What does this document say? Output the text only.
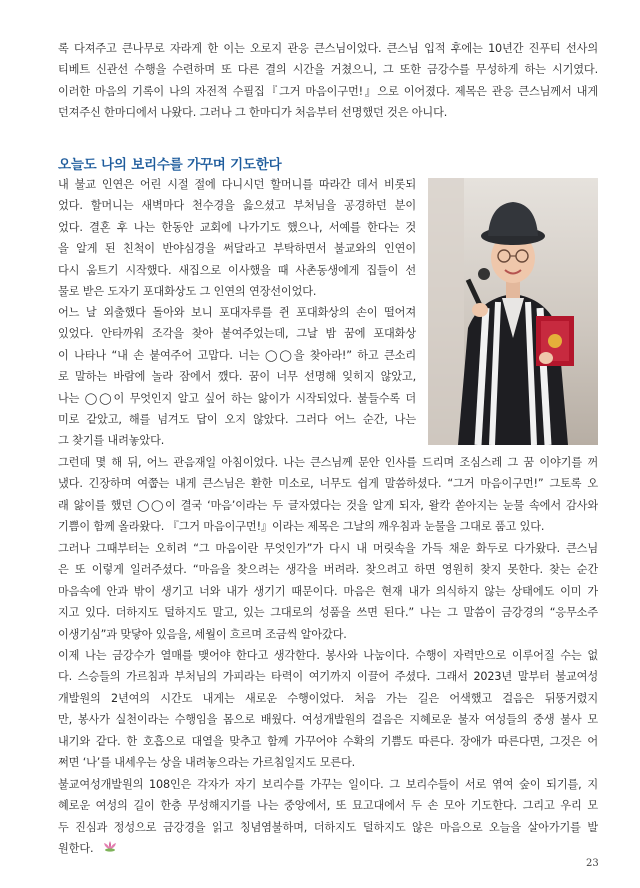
록 다져주고 큰나무로 자라게 한 이는 오로지 관응 큰스님이었다. 큰스님 입적 후에는 10년간 진푸티 선사의
티베트 신관선 수행을 수련하며 또 다른 결의 시간을 거쳤으니, 그 또한 금강수를 무성하게 하는 시기였다.
이러한 마음의 기록이 나의 자전적 수필집『그거 마음이구먼!』으로 이어졌다. 제목은 관응 큰스님께서 내게
던져주신 한마디에서 나왔다. 그러나 그 한마디가 처음부터 선명했던 것은 아니다.
오늘도 나의 보리수를 가꾸며 기도한다
내 불교 인연은 어린 시절 절에 다니시던 할머니를 따라간 데서 비롯되
었다. 할머니는 새벽마다 천수경을 읊으셨고 부처님을 공경하던 분이
었다. 결혼 후 나는 한동안 교회에 나가기도 했으나, 서예를 한다는 것
을 알게 된 친척이 반야심경을 써달라고 부탁하면서 불교와의 인연이
다시 움트기 시작했다. 새집으로 이사했을 때 사촌동생에게 집들이 선
물로 받은 도자기 포대화상도 그 인연의 연장선이었다.
어느 날 외출했다 돌아와 보니 포대자루를 쥔 포대화상의 손이 떨어져
있었다. 안타까워 조각을 찾아 붙여주었는데, 그날 밤 꿈에 포대화상
이 나타나 “내 손 붙여주어 고맙다. 너는 ◯◯을 찾아라!” 하고 큰소리
로 말하는 바람에 놀라 잠에서 깼다. 꿈이 너무 선명해 잊히지 않았고,
나는 ◯◯이 무엇인지 알고 싶어 하는 앓이가 시작되었다. 불들수록 더
미로 같았고, 해를 넘겨도 답이 오지 않았다. 그러다 어느 순간, 나는
그 찾기를 내려놓았다.
그런데 몇 해 뒤, 어느 관음재일 아침이었다. 나는 큰스님께 문안 인사를 드리며 조심스레 그 꿈 이야기를 꺼
냈다. 긴장하며 여쭙는 내게 큰스님은 환한 미소로, 너무도 쉽게 말씀하셨다. “그거 마음이구먼!” 그토록 오
래 앓이를 했던 ◯◯이 결국 ‘마음’이라는 두 글자였다는 것을 알게 되자, 왈칵 쏟아지는 눈물 속에서 감사와
기쁨이 함께 올라왔다. 『그거 마음이구먼!』이라는 제목은 그날의 깨우침과 눈물을 그대로 품고 있다.
그러나 그때부터는 오히려 “그 마음이란 무엇인가”가 다시 내 머릿속을 가득 채운 화두로 다가왔다. 큰스님
은 또 이렇게 일러주셨다. “마음을 찾으려는 생각을 버려라. 찾으려고 하면 영원히 찾지 못한다. 찾는 순간
마음속에 안과 밖이 생기고 너와 내가 생기기 때문이다. 마음은 현재 내가 의식하지 않는 상태에도 이미 가
지고 있다. 더하지도 덜하지도 말고, 있는 그대로의 성품을 쓰면 된다.” 나는 그 말씀이 금강경의 “응무소주
이생기심”과 맞닿아 있음을, 세월이 흐르며 조금씩 알아갔다.
이제 나는 금강수가 열매를 맺어야 한다고 생각한다. 봉사와 나눔이다. 수행이 자력만으로 이루어질 수는 없
다. 스승들의 가르침과 부처님의 가피라는 타력이 여기까지 이끌어 주셨다. 그래서 2023년 말부터 불교여성
개발원의 2년여의 시간도 내게는 새로운 수행이었다. 처음 가는 길은 어색했고 걸음은 뒤뚱거렸지
만, 봉사가 실천이라는 수행임을 몸으로 배웠다. 여성개발원의 걸음은 지혜로운 불자 여성들의 중생 불사 모
내기와 같다. 한 호흡으로 대열을 맞추고 함께 가꾸어야 수확의 기쁨도 따른다. 장애가 따른다면, 그것은 어
쩌면 ‘나’를 내세우는 상을 내려놓으라는 가르침일지도 모른다.
불교여성개발원의 108인은 각자가 자기 보리수를 가꾸는 일이다. 그 보리수들이 서로 엮여 숲이 되기를, 지
혜로운 여성의 길이 한층 무성해지기를 나는 중앙에서, 또 묘고대에서 두 손 모아 기도한다. 그리고 우리 모
두 진심과 정성으로 금강경을 읽고 칭념염불하며, 더하지도 덜하지도 않은 마음으로 오늘을 살아가기를 발
원한다.
23
